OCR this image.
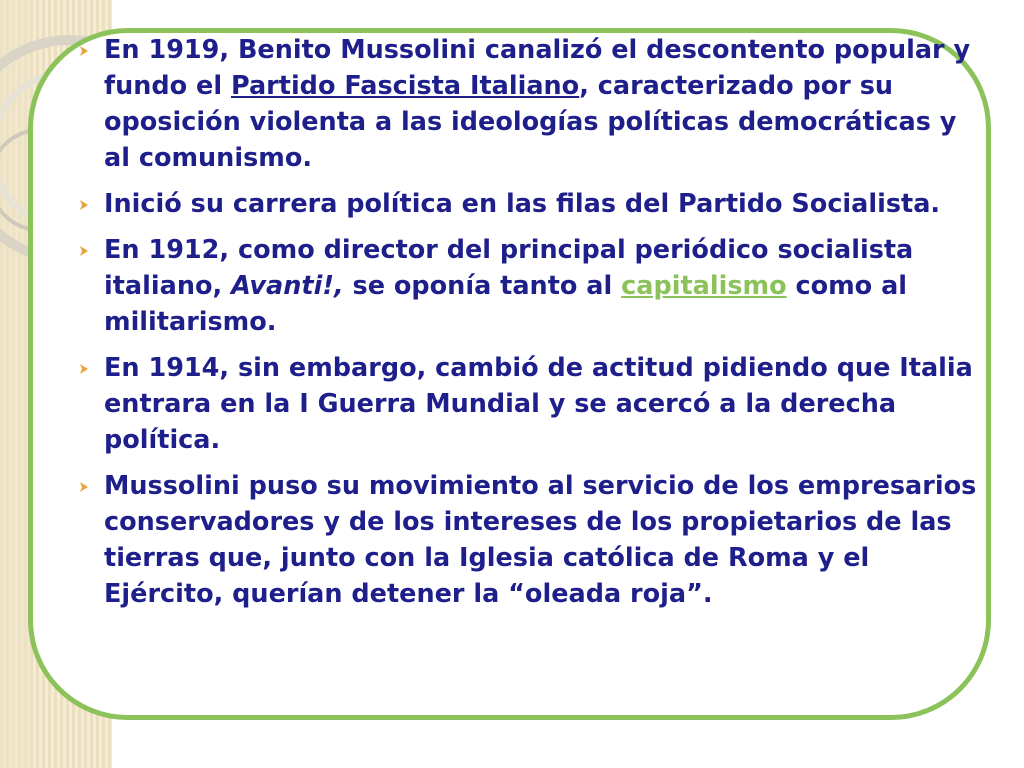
En 1919, Benito Mussolini canalizó el descontento popular y fundo el Partido Fascista Italiano, caracterizado por su oposición violenta a las ideologías políticas democráticas y al comunismo.
Inició su carrera política en las filas del Partido Socialista.
En 1912, como director del principal periódico socialista italiano, Avanti!, se oponía tanto al capitalismo como al militarismo.
En 1914, sin embargo, cambió de actitud pidiendo que Italia entrara en la I Guerra Mundial y se acercó a la derecha política.
Mussolini puso su movimiento al servicio de los empresarios conservadores y de los intereses de los propietarios de las tierras que, junto con la Iglesia católica de Roma y el Ejército, querían detener la “oleada roja”.
